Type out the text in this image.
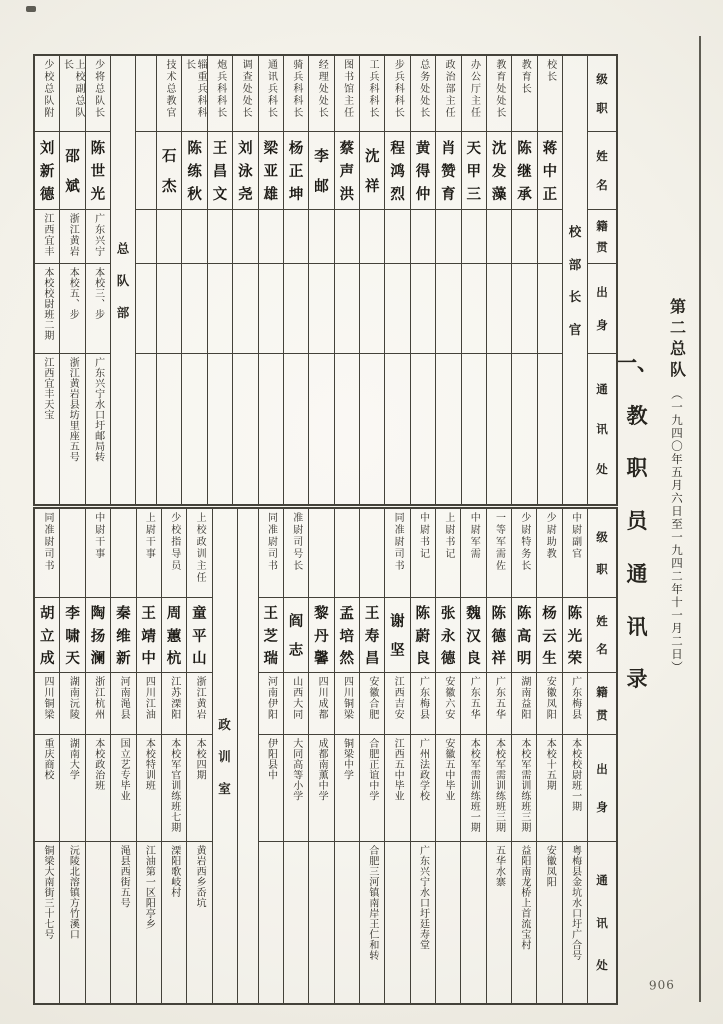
第二总队
（一九四〇年五月六日至一九四二年十一月二日）
一、
教
职
员
通
讯
录
级
职
姓
名
籍
贯
出
身
通
讯
处
校
部
长
官
校长
蒋
中
正
教育长
陈
继
承
教育处处长
沈
发
藻
办公厅主任
天
甲
三
政治部主任
肖
赞
育
总务处处长
黄
得
仲
步兵科科长
程
鸿
烈
工兵科科长
沈
祥
图书馆主任
蔡
声
洪
经理处处长
李
邮
骑兵科科长
杨
正
坤
通讯兵科长
梁
亚
雄
调查处处长
刘
泳
尧
炮兵科科长
王
昌
文
辎重兵科科长
陈
练
秋
技术总教官
石
杰
总
队
部
少将总队长
陈
世
光
广东兴宁
本校三、步
广东兴宁水口圩邮局转
上校副总队长
邵
斌
浙江黄岩
本校五、步
浙江黄岩县坊里座五号
少校总队附
刘
新
德
江西宜丰
本校校尉班二期
江西宜丰天宝
级
职
姓
名
籍
贯
出
身
通
讯
处
中尉副官
陈
光
荣
广东梅县
本校校尉班一期
粤梅县金坑水口圩广合号
少尉助教
杨
云
生
安徽凤阳
本校十五期
安徽凤阳
少尉特务长
陈
高
明
湖南益阳
本校军需训练班三期
益阳南龙桥上首流宝村
一等军需佐
陈
德
祥
广东五华
本校军需训练班三期
五华水寨
中尉军需
魏
汉
良
广东五华
本校军需训练班一期
上尉书记
张
永
德
安徽六安
安徽五中毕业
中尉书记
陈
蔚
良
广东梅县
广州法政学校
广东兴宁水口圩廷寿堂
同准尉司书
谢
坚
江西吉安
江西五中毕业
王
寿
昌
安徽合肥
合肥正谊中学
合肥三河镇南岸王仁和转
孟
培
然
四川铜梁
铜梁中学
黎
丹
馨
四川成都
成都南薰中学
准尉司号长
阎
志
山西大同
大同高等小学
同准尉司书
王
芝
瑞
河南伊阳
伊阳县中
政
训
室
上校政训主任
童
平
山
浙江黄岩
本校四期
黄岩西乡岙坑
少校指导员
周
蕙
杭
江苏溧阳
本校军官训练班七期
溧阳歌岐村
上尉干事
王
靖
中
四川江油
本校特训班
江油第一区阳亭乡
秦
维
新
河南渑县
国立艺专毕业
渑县西街五号
中尉干事
陶
扬
澜
浙江杭州
本校政治班
李
啸
天
湖南沅陵
湖南大学
沅陵北溶镇方竹溪口
同准尉司书
胡
立
成
四川铜梁
重庆商校
铜梁大南街三十七号
906
